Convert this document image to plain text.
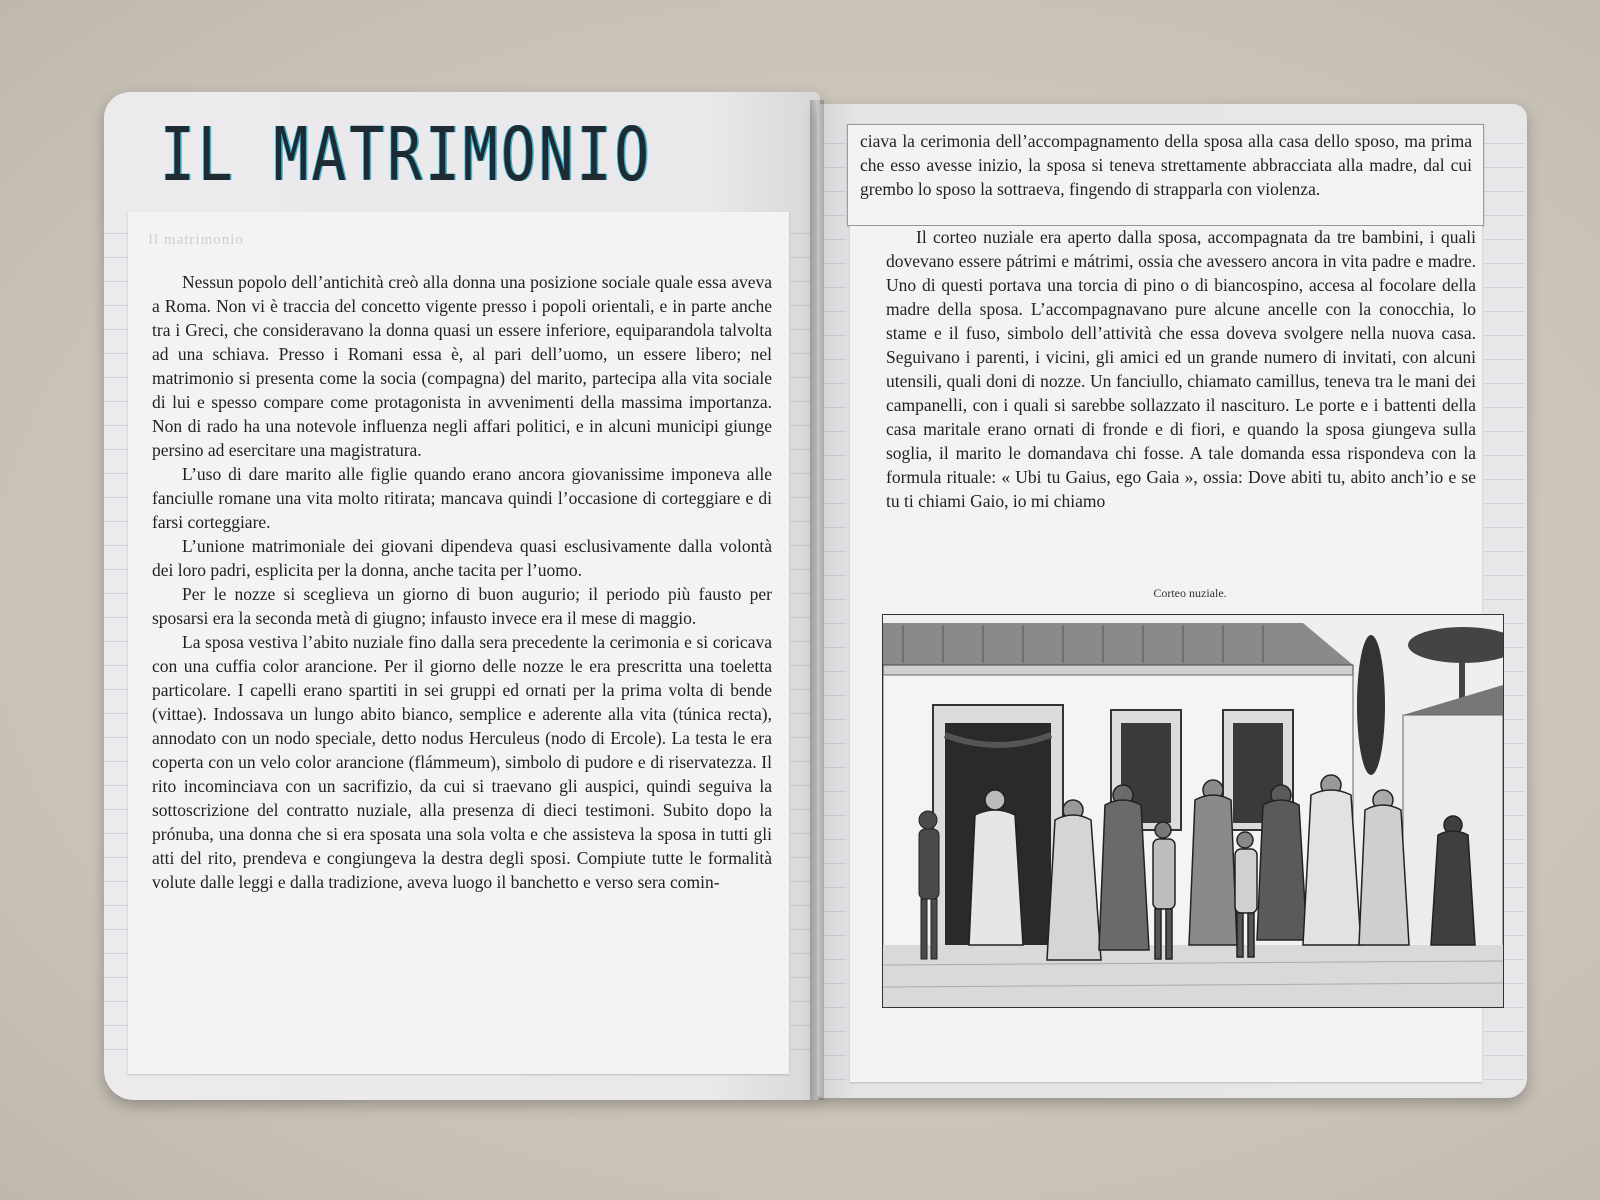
IL MATRIMONIO
Il matrimonio

Nessun popolo dell’antichità creò alla donna una posizione sociale quale essa aveva a Roma. Non vi è traccia del concetto vigente presso i popoli orientali, e in parte anche tra i Greci, che consideravano la donna quasi un essere inferiore, equiparandola talvolta ad una schiava. Presso i Romani essa è, al pari dell’uomo, un essere libero; nel matrimonio si presenta come la socia (compagna) del marito, partecipa alla vita sociale di lui e spesso compare come protagonista in avvenimenti della massima importanza. Non di rado ha una notevole influenza negli affari politici, e in alcuni municipi giunge persino ad esercitare una magistratura.

L’uso di dare marito alle figlie quando erano ancora giovanissime imponeva alle fanciulle romane una vita molto ritirata; mancava quindi l’occasione di corteggiare e di farsi corteggiare.

L’unione matrimoniale dei giovani dipendeva quasi esclusivamente dalla volontà dei loro padri, esplicita per la donna, anche tacita per l’uomo.

Per le nozze si sceglieva un giorno di buon augurio; il periodo più fausto per sposarsi era la seconda metà di giugno; infausto invece era il mese di maggio.

La sposa vestiva l’abito nuziale fino dalla sera precedente la cerimonia e si coricava con una cuffia color arancione. Per il giorno delle nozze le era prescritta una toeletta particolare. I capelli erano spartiti in sei gruppi ed ornati per la prima volta di bende (vittae). Indossava un lungo abito bianco, semplice e aderente alla vita (túnica recta), annodato con un nodo speciale, detto nodus Herculeus (nodo di Ercole). La testa le era coperta con un velo color arancione (flámmeum), simbolo di pudore e di riservatezza. Il rito incominciava con un sacrifizio, da cui si traevano gli auspici, quindi seguiva la sottoscrizione del contratto nuziale, alla presenza di dieci testimoni. Subito dopo la prónuba, una donna che si era sposata una sola volta e che assisteva la sposa in tutti gli atti del rito, prendeva e congiungeva la destra degli sposi. Compiute tutte le formalità volute dalle leggi e dalla tradizione, aveva luogo il banchetto e verso sera comin-

ciava la cerimonia dell’accompagnamento della sposa alla casa dello sposo, ma prima che esso avesse inizio, la sposa si teneva strettamente abbracciata alla madre, dal cui grembo lo sposo la sottraeva, fingendo di strapparla con violenza.

Il corteo nuziale era aperto dalla sposa, accompagnata da tre bambini, i quali dovevano essere pátrimi e mátrimi, ossia che avessero ancora in vita padre e madre. Uno di questi portava una torcia di pino o di biancospino, accesa al focolare della madre della sposa. L’accompagnavano pure alcune ancelle con la conocchia, lo stame e il fuso, simbolo dell’attività che essa doveva svolgere nella nuova casa. Seguivano i parenti, i vicini, gli amici ed un grande numero di invitati, con alcuni utensili, quali doni di nozze. Un fanciullo, chiamato camillus, teneva tra le mani dei campanelli, con i quali si sarebbe sollazzato il nascituro. Le porte e i battenti della casa maritale erano ornati di fronde e di fiori, e quando la sposa giungeva sulla soglia, il marito le domandava chi fosse. A tale domanda essa rispondeva con la formula rituale: « Ubi tu Gaius, ego Gaia », ossia: Dove abiti tu, abito anch’io e se tu ti chiami Gaio, io mi chiamo

Corteo nuziale.
